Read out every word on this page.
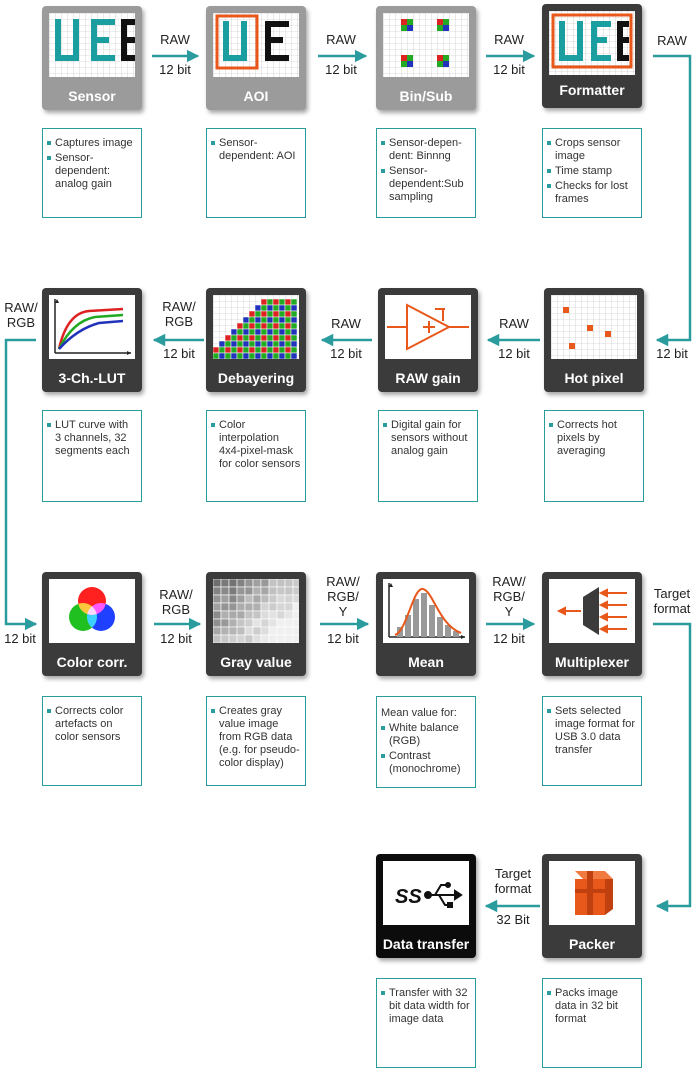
Sensor
Captures image
Sensor-dependent: analog gain
AOI
Sensor-dependent: AOI
Bin/Sub
Sensor-depen-dent: Binnng
Sensor-dependent:Sub sampling
Formatter
Crops sensor image
Time stamp
Checks for lost frames
Hot pixel
Corrects hot pixels by averaging
RAW gain
Digital gain for sensors without analog gain
Debayering
Color interpolation 4x4-pixel-mask for color sensors
3-Ch.-LUT
LUT curve with 3 channels, 32 segments each
Color corr.
Corrects color artefacts on color sensors
Gray value
Creates gray value image from RGB data (e.g. for pseudo-color display)
Mean
Mean value for:
White balance (RGB)
Contrast (monochrome)
Multiplexer
Sets selected image format for USB 3.0 data transfer
Packer
Packs image data in 32 bit format
SS
Data transfer
Transfer with 32 bit data width for image data
RAW
12 bit
RAW
12 bit
RAW
12 bit
RAW
12 bit
RAW
12 bit
RAW
12 bit
RAW/
RGB
12 bit
RAW/
RGB
12 bit
RAW/
RGB
12 bit
RAW/
RGB/
Y
12 bit
RAW/
RGB/
Y
12 bit
Target
format
Target
format
32 Bit
